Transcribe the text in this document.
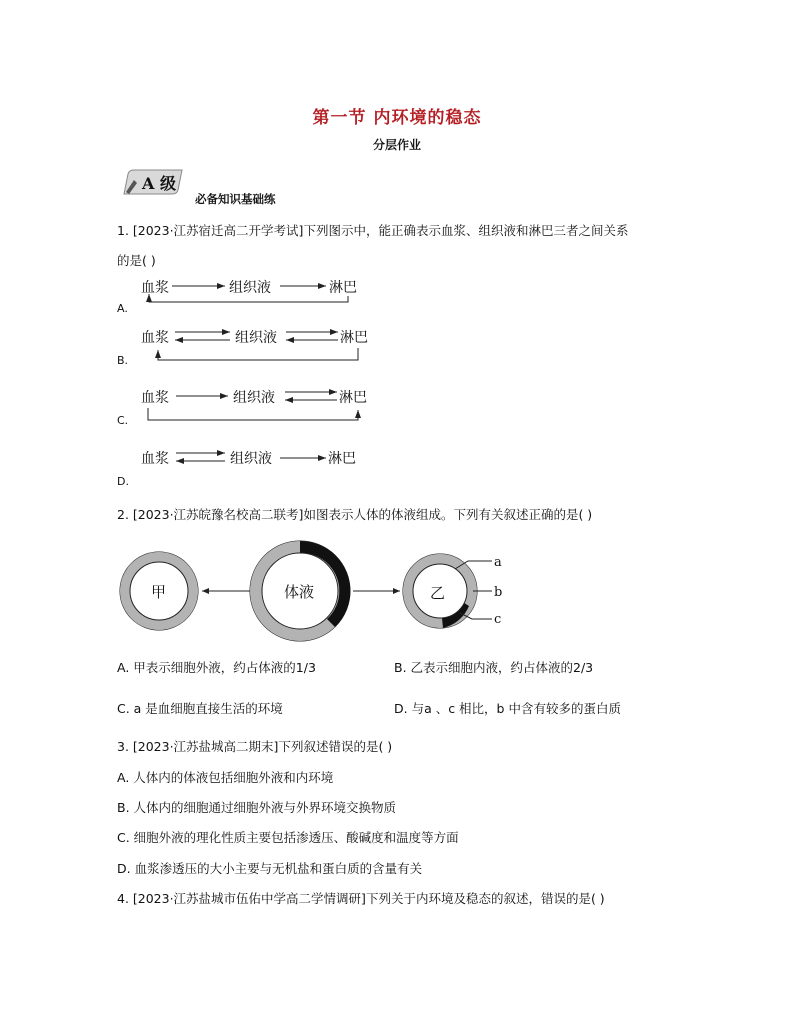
第一节 内环境的稳态
分层作业
A 级
必备知识基础练
1. [2023·江苏宿迁高二开学考试]下列图示中，能正确表示血浆、组织液和淋巴三者之间关系
的是( )
血浆	组织液	淋巴
血浆	组织液	淋巴
血浆	组织液	淋巴
血浆	组织液	淋巴
A.
B.
C.
D.
2. [2023·江苏皖豫名校高二联考]如图表示人体的体液组成。下列有关叙述正确的是( )
甲	体液	乙
a
b
c
A. 甲表示细胞外液，约占体液的1/3	B. 乙表示细胞内液，约占体液的2/3
C. a 是血细胞直接生活的环境	D. 与a 、c 相比，b 中含有较多的蛋白质
3. [2023·江苏盐城高二期末]下列叙述错误的是( )
A. 人体内的体液包括细胞外液和内环境
B. 人体内的细胞通过细胞外液与外界环境交换物质
C. 细胞外液的理化性质主要包括渗透压、酸碱度和温度等方面
D. 血浆渗透压的大小主要与无机盐和蛋白质的含量有关
4. [2023·江苏盐城市伍佑中学高二学情调研]下列关于内环境及稳态的叙述，错误的是( )
